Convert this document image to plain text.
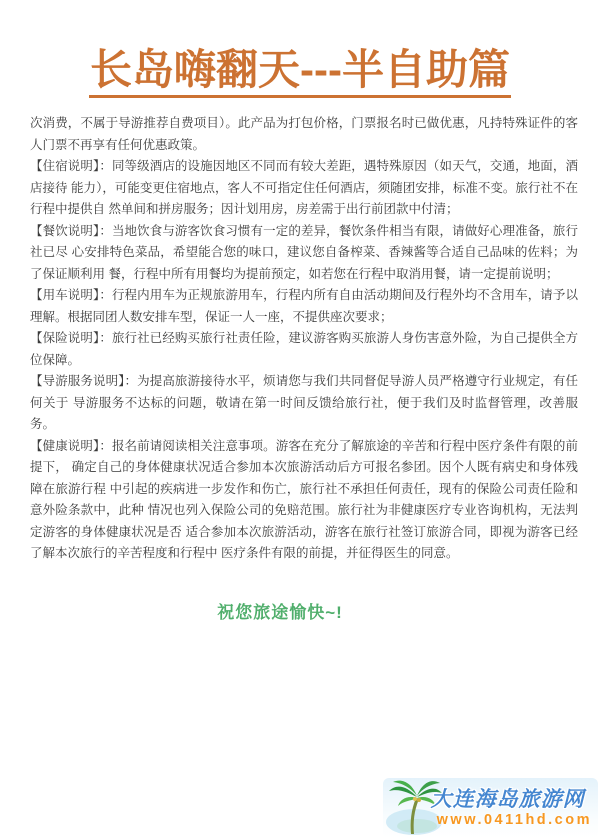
长岛嗨翻天---半自助篇

次消费，不属于导游推荐自费项目）。此产品为打包价格，门票报名时已做优惠，凡持特殊证件的客人门票不再享有任何优惠政策。

【住宿说明】：同等级酒店的设施因地区不同而有较大差距，遇特殊原因（如天气，交通，地面，酒店接待 能力），可能变更住宿地点，客人不可指定住任何酒店，须随团安排，标准不变。旅行社不在行程中提供自 然单间和拼房服务；因计划用房，房差需于出行前团款中付清；

【餐饮说明】：当地饮食与游客饮食习惯有一定的差异，餐饮条件相当有限，请做好心理准备，旅行社已尽 心安排特色菜品，希望能合您的味口，建议您自备榨菜、香辣酱等合适自己品味的佐料；为了保证顺利用 餐，行程中所有用餐均为提前预定，如若您在行程中取消用餐，请一定提前说明；

【用车说明】：行程内用车为正规旅游用车，行程内所有自由活动期间及行程外均不含用车，请予以理解。根据同团人数安排车型，保证一人一座，不提供座次要求；

【保险说明】：旅行社已经购买旅行社责任险，建议游客购买旅游人身伤害意外险，为自己提供全方位保障。

【导游服务说明】：为提高旅游接待水平，烦请您与我们共同督促导游人员严格遵守行业规定，有任何关于 导游服务不达标的问题，敬请在第一时间反馈给旅行社，便于我们及时监督管理，改善服务。

【健康说明】：报名前请阅读相关注意事项。游客在充分了解旅途的辛苦和行程中医疗条件有限的前提下， 确定自己的身体健康状况适合参加本次旅游活动后方可报名参团。因个人既有病史和身体残障在旅游行程 中引起的疾病进一步发作和伤亡，旅行社不承担任何责任，现有的保险公司责任险和意外险条款中，此种 情况也列入保险公司的免赔范围。旅行社为非健康医疗专业咨询机构，无法判定游客的身体健康状况是否 适合参加本次旅游活动，游客在旅行社签订旅游合同，即视为游客已经了解本次旅行的辛苦程度和行程中 医疗条件有限的前提，并征得医生的同意。

祝您旅途愉快~!
大连海岛旅游网
www.0411hd.com
